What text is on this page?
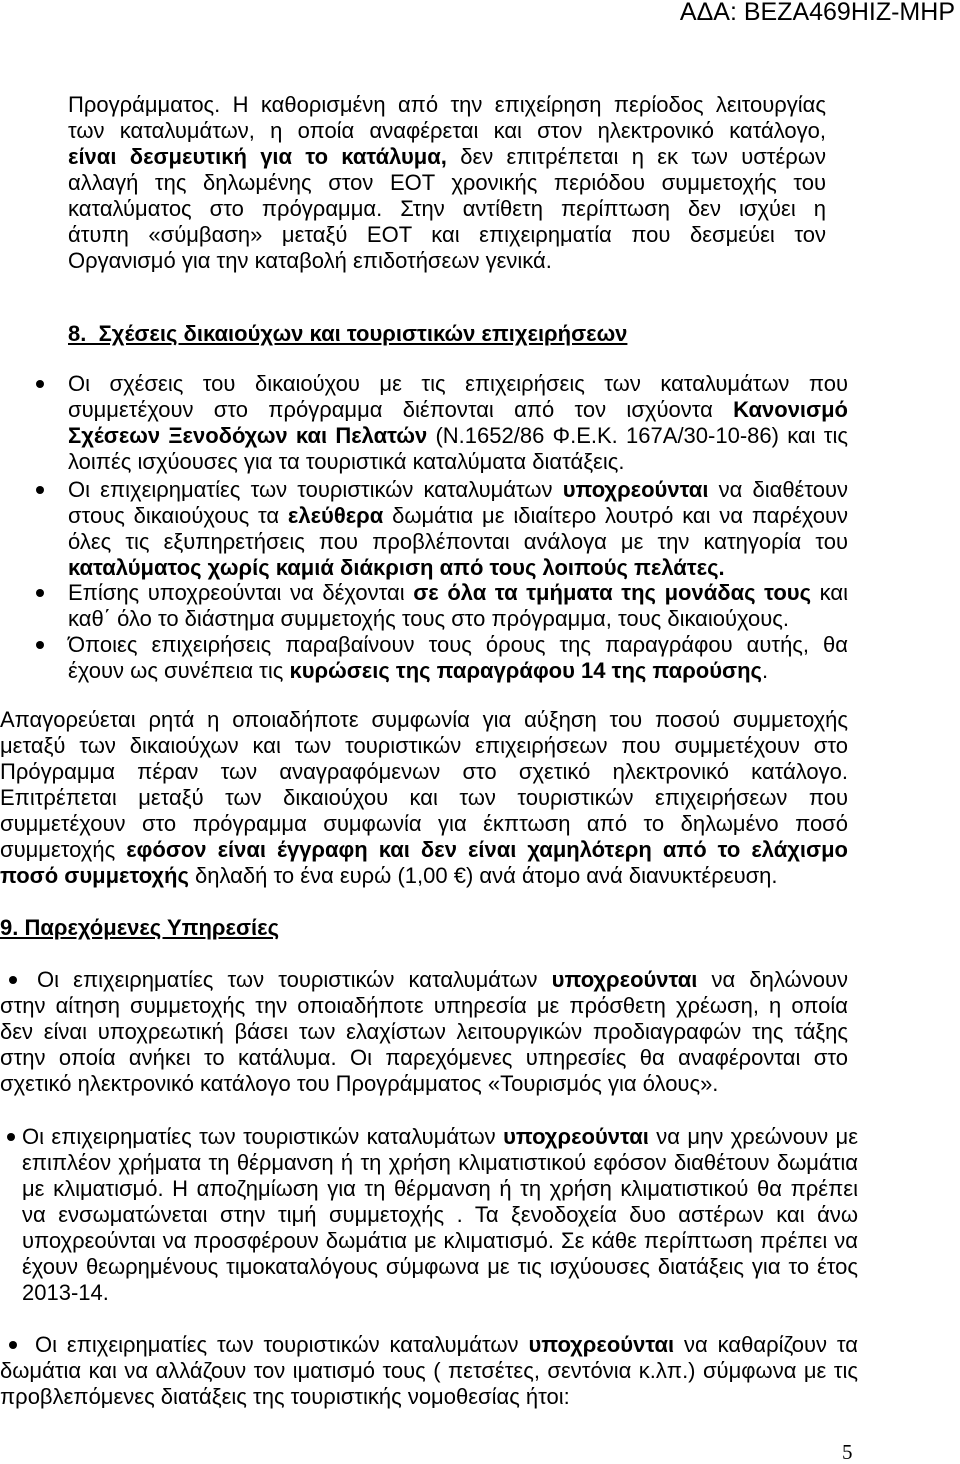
ΑΔΑ: ΒΕΖΑ469ΗΙΖ-ΜΗΡ
Προγράμματος. Η καθορισμένη από την επιχείρηση περίοδος λειτουργίας
των καταλυμάτων, η οποία αναφέρεται και στον ηλεκτρονικό κατάλογο,
είναι δεσμευτική για το κατάλυμα, δεν επιτρέπεται η εκ των υστέρων
αλλαγή της δηλωμένης στον ΕΟΤ χρονικής περιόδου συμμετοχής του
καταλύματος στο πρόγραμμα. Στην αντίθετη περίπτωση δεν ισχύει η
άτυπη «σύμβαση» μεταξύ ΕΟΤ και επιχειρηματία που δεσμεύει τον
Οργανισμό για την καταβολή επιδοτήσεων γενικά.
8.  Σχέσεις δικαιούχων και τουριστικών επιχειρήσεων
Οι σχέσεις του δικαιούχου με τις επιχειρήσεις των καταλυμάτων που
συμμετέχουν στο πρόγραμμα διέπονται από τον ισχύοντα Κανονισμό
Σχέσεων Ξενοδόχων και Πελατών (Ν.1652/86 Φ.Ε.Κ. 167Α/30-10-86) και τις
λοιπές ισχύουσες για τα τουριστικά καταλύματα διατάξεις.
Οι επιχειρηματίες των τουριστικών καταλυμάτων υποχρεούνται να διαθέτουν
στους δικαιούχους τα ελεύθερα δωμάτια με ιδιαίτερο λουτρό και να παρέχουν
όλες τις εξυπηρετήσεις που προβλέπονται ανάλογα με την κατηγορία του
καταλύματος χωρίς καμιά διάκριση από τους λοιπούς πελάτες.
Επίσης υποχρεούνται να δέχονται σε όλα τα τμήματα της μονάδας τους και
καθ΄ όλο το διάστημα συμμετοχής τους στο πρόγραμμα, τους δικαιούχους.
Όποιες επιχειρήσεις παραβαίνουν τους όρους της παραγράφου αυτής, θα
έχουν ως συνέπεια τις κυρώσεις της παραγράφου 14 της παρούσης.
Απαγορεύεται ρητά η οποιαδήποτε συμφωνία για αύξηση του ποσού συμμετοχής
μεταξύ των δικαιούχων και των τουριστικών επιχειρήσεων που συμμετέχουν στο
Πρόγραμμα πέραν των αναγραφόμενων στο σχετικό ηλεκτρονικό κατάλογο.
Επιτρέπεται μεταξύ των δικαιούχου και των τουριστικών επιχειρήσεων που
συμμετέχουν στο πρόγραμμα συμφωνία για έκπτωση από το δηλωμένο ποσό
συμμετοχής εφόσον είναι έγγραφη και δεν είναι χαμηλότερη από το ελάχισμο
ποσό συμμετοχής δηλαδή το ένα ευρώ (1,00 €) ανά άτομο ανά διανυκτέρευση.
9. Παρεχόμενες Υπηρεσίες
Οι επιχειρηματίες των τουριστικών καταλυμάτων υποχρεούνται να δηλώνουν
στην αίτηση συμμετοχής την οποιαδήποτε υπηρεσία με πρόσθετη χρέωση, η οποία
δεν είναι υποχρεωτική βάσει των ελαχίστων λειτουργικών προδιαγραφών της τάξης
στην οποία ανήκει το κατάλυμα. Οι παρεχόμενες υπηρεσίες θα αναφέρονται στο
σχετικό ηλεκτρονικό κατάλογο του Προγράμματος «Τουρισμός για όλους».
Οι επιχειρηματίες των τουριστικών καταλυμάτων υποχρεούνται να μην χρεώνουν με
επιπλέον χρήματα τη θέρμανση ή τη χρήση κλιματιστικού εφόσον διαθέτουν δωμάτια
με κλιματισμό. Η αποζημίωση για τη θέρμανση ή τη χρήση κλιματιστικού θα πρέπει
να ενσωματώνεται στην τιμή συμμετοχής . Τα ξενοδοχεία δυο αστέρων και άνω
υποχρεούνται να προσφέρουν δωμάτια με κλιματισμό. Σε κάθε περίπτωση πρέπει να
έχουν θεωρημένους τιμοκαταλόγους σύμφωνα με τις ισχύουσες διατάξεις για το έτος
2013-14.
Οι επιχειρηματίες των τουριστικών καταλυμάτων υποχρεούνται να καθαρίζουν τα
δωμάτια και να αλλάζουν τον ιματισμό τους ( πετσέτες, σεντόνια κ.λπ.) σύμφωνα με τις
προβλεπόμενες διατάξεις της τουριστικής νομοθεσίας ήτοι:
5
